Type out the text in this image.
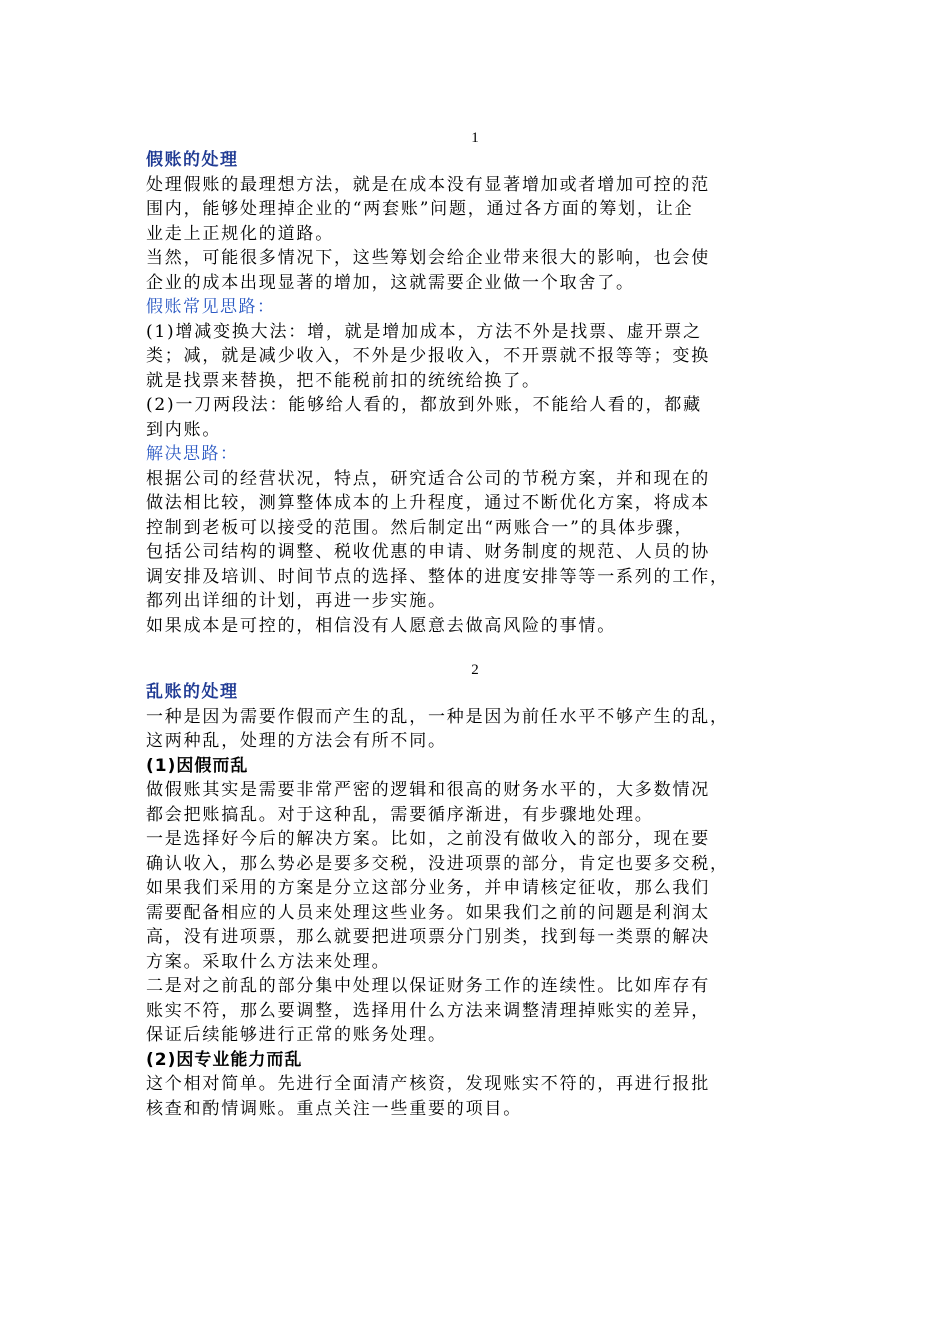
1
假账的处理

处理假账的最理想方法，就是在成本没有显著增加或者增加可控的范
围内，能够处理掉企业的“两套账”问题，通过各方面的筹划，让企
业走上正规化的道路。
当然，可能很多情况下，这些筹划会给企业带来很大的影响，也会使
企业的成本出现显著的增加，这就需要企业做一个取舍了。

假账常见思路：

(1)增减变换大法：增，就是增加成本，方法不外是找票、虚开票之
类；减，就是减少收入，不外是少报收入，不开票就不报等等；变换
就是找票来替换，把不能税前扣的统统给换了。
(2)一刀两段法：能够给人看的，都放到外账，不能给人看的，都藏
到内账。

解决思路：

根据公司的经营状况，特点，研究适合公司的节税方案，并和现在的
做法相比较，测算整体成本的上升程度，通过不断优化方案，将成本
控制到老板可以接受的范围。然后制定出“两账合一”的具体步骤，
包括公司结构的调整、税收优惠的申请、财务制度的规范、人员的协
调安排及培训、时间节点的选择、整体的进度安排等等一系列的工作，
都列出详细的计划，再进一步实施。
如果成本是可控的，相信没有人愿意去做高风险的事情。

2
乱账的处理

一种是因为需要作假而产生的乱，一种是因为前任水平不够产生的乱，
这两种乱，处理的方法会有所不同。

(1)因假而乱

做假账其实是需要非常严密的逻辑和很高的财务水平的，大多数情况
都会把账搞乱。对于这种乱，需要循序渐进，有步骤地处理。
一是选择好今后的解决方案。比如，之前没有做收入的部分，现在要
确认收入，那么势必是要多交税，没进项票的部分，肯定也要多交税，
如果我们采用的方案是分立这部分业务，并申请核定征收，那么我们
需要配备相应的人员来处理这些业务。如果我们之前的问题是利润太
高，没有进项票，那么就要把进项票分门别类，找到每一类票的解决
方案。采取什么方法来处理。
二是对之前乱的部分集中处理以保证财务工作的连续性。比如库存有
账实不符，那么要调整，选择用什么方法来调整清理掉账实的差异，
保证后续能够进行正常的账务处理。

(2)因专业能力而乱

这个相对简单。先进行全面清产核资，发现账实不符的，再进行报批
核查和酌情调账。重点关注一些重要的项目。
